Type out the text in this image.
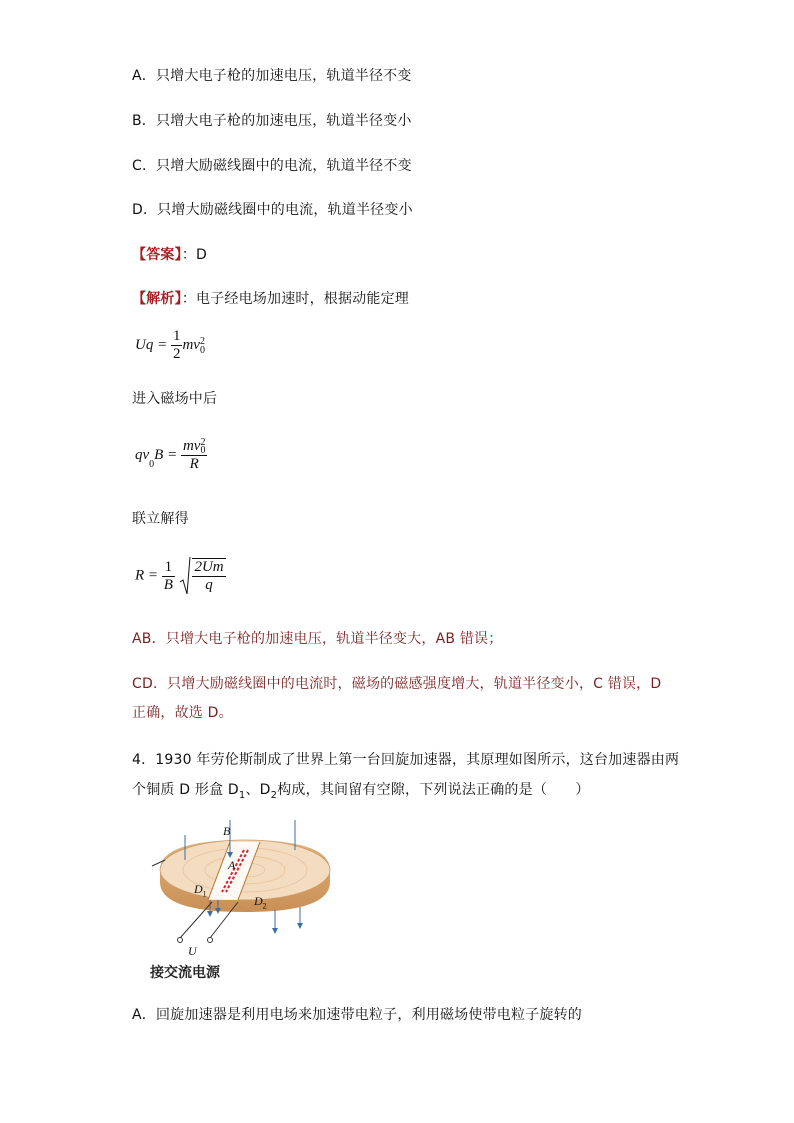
A．只增大电子枪的加速电压，轨道半径不变
B．只增大电子枪的加速电压，轨道半径变小
C．只增大励磁线圈中的电流，轨道半径不变
D．只增大励磁线圈中的电流，轨道半径变小
【答案】：D
【解析】：电子经电场加速时，根据动能定理
$Uq = \frac{1}{2}$ mv 2
0
进入磁场中后
$qv_0B$ = mv 2
0
R
联立解得
$R = \frac{1}{B}$
$\frac{2Um}{q}$
AB．只增大电子枪的加速电压，轨道半径变大，AB 错误；
CD．只增大励磁线圈中的电流时，磁场的磁感强度增大，轨道半径变小，C 错误，D
正确，故选 D。
4．1930 年劳伦斯制成了世界上第一台回旋加速器，其原理如图所示，这台加速器由两
个铜质 D 形盒 $D_1$、$D_2$构成，其间留有空隙，下列说法正确的是（　　）
B
A
$D_1$
$D_2$
U
接交流电源
A．回旋加速器是利用电场来加速带电粒子，利用磁场使带电粒子旋转的
